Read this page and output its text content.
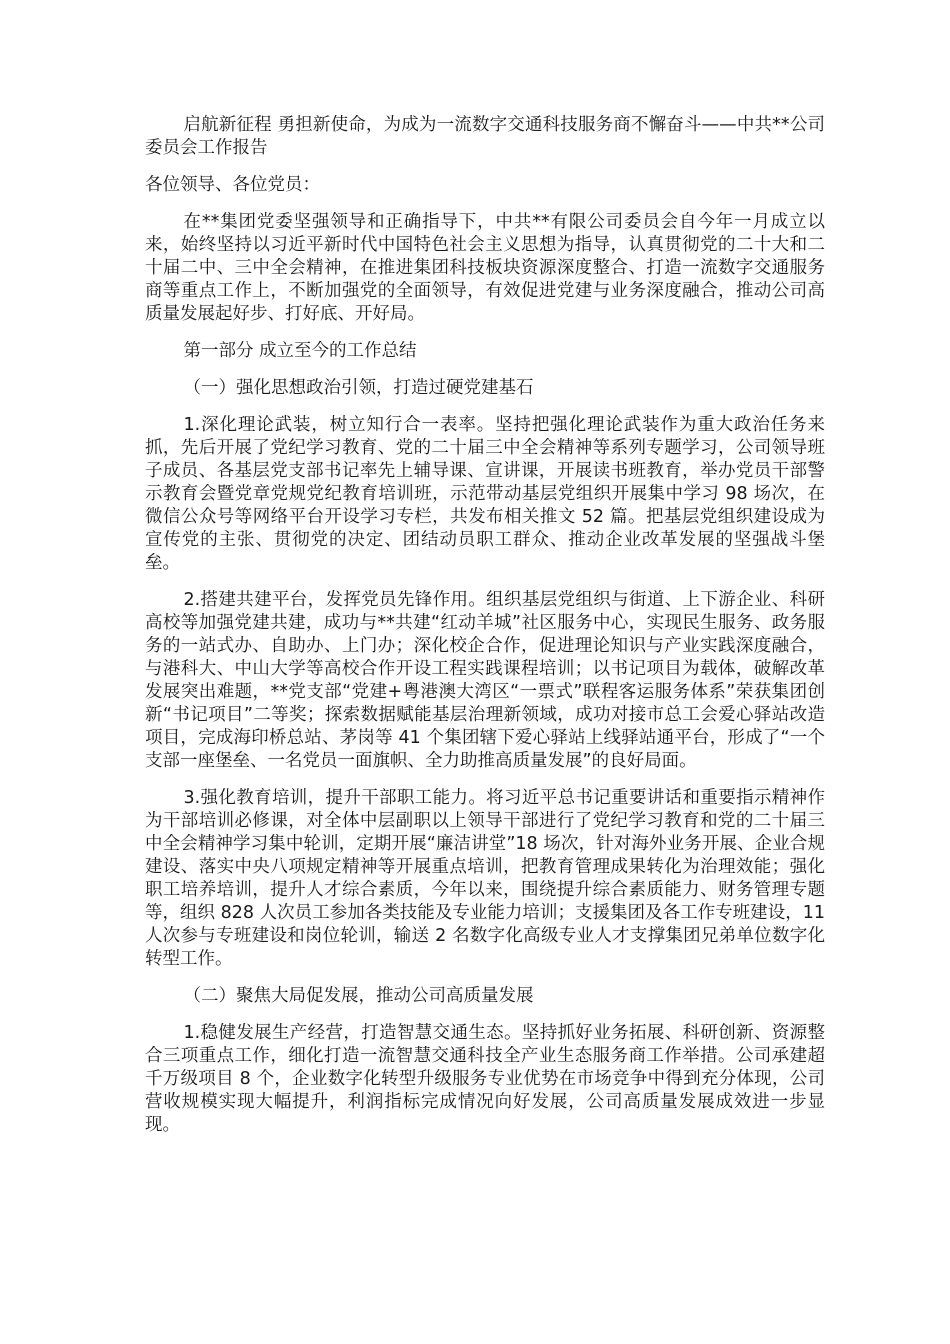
启航新征程 勇担新使命，为成为一流数字交通科技服务商不懈奋斗——中共**公司委员会工作报告

各位领导、各位党员：

在**集团党委坚强领导和正确指导下，中共**有限公司委员会自今年一月成立以来，始终坚持以习近平新时代中国特色社会主义思想为指导，认真贯彻党的二十大和二十届二中、三中全会精神，在推进集团科技板块资源深度整合、打造一流数字交通服务商等重点工作上，不断加强党的全面领导，有效促进党建与业务深度融合，推动公司高质量发展起好步、打好底、开好局。

第一部分 成立至今的工作总结

（一）强化思想政治引领，打造过硬党建基石

1.深化理论武装，树立知行合一表率。坚持把强化理论武装作为重大政治任务来抓，先后开展了党纪学习教育、党的二十届三中全会精神等系列专题学习，公司领导班子成员、各基层党支部书记率先上辅导课、宣讲课，开展读书班教育，举办党员干部警示教育会暨党章党规党纪教育培训班，示范带动基层党组织开展集中学习 98 场次，在微信公众号等网络平台开设学习专栏，共发布相关推文 52 篇。把基层党组织建设成为宣传党的主张、贯彻党的决定、团结动员职工群众、推动企业改革发展的坚强战斗堡垒。

2.搭建共建平台，发挥党员先锋作用。组织基层党组织与街道、上下游企业、科研高校等加强党建共建，成功与**共建“红动羊城”社区服务中心，实现民生服务、政务服务的一站式办、自助办、上门办；深化校企合作，促进理论知识与产业实践深度融合，与港科大、中山大学等高校合作开设工程实践课程培训；以书记项目为载体，破解改革发展突出难题，**党支部“党建+粤港澳大湾区“一票式”联程客运服务体系”荣获集团创新“书记项目”二等奖；探索数据赋能基层治理新领域，成功对接市总工会爱心驿站改造项目，完成海印桥总站、茅岗等 41 个集团辖下爱心驿站上线驿站通平台，形成了“一个支部一座堡垒、一名党员一面旗帜、全力助推高质量发展”的良好局面。

3.强化教育培训，提升干部职工能力。将习近平总书记重要讲话和重要指示精神作为干部培训必修课，对全体中层副职以上领导干部进行了党纪学习教育和党的二十届三中全会精神学习集中轮训，定期开展“廉洁讲堂”18 场次，针对海外业务开展、企业合规建设、落实中央八项规定精神等开展重点培训，把教育管理成果转化为治理效能；强化职工培养培训，提升人才综合素质，今年以来，围绕提升综合素质能力、财务管理专题等，组织 828 人次员工参加各类技能及专业能力培训；支援集团及各工作专班建设，11 人次参与专班建设和岗位轮训，输送 2 名数字化高级专业人才支撑集团兄弟单位数字化转型工作。

（二）聚焦大局促发展，推动公司高质量发展

1.稳健发展生产经营，打造智慧交通生态。坚持抓好业务拓展、科研创新、资源整合三项重点工作，细化打造一流智慧交通科技全产业生态服务商工作举措。公司承建超千万级项目 8 个，企业数字化转型升级服务专业优势在市场竞争中得到充分体现，公司营收规模实现大幅提升，利润指标完成情况向好发展，公司高质量发展成效进一步显现。
